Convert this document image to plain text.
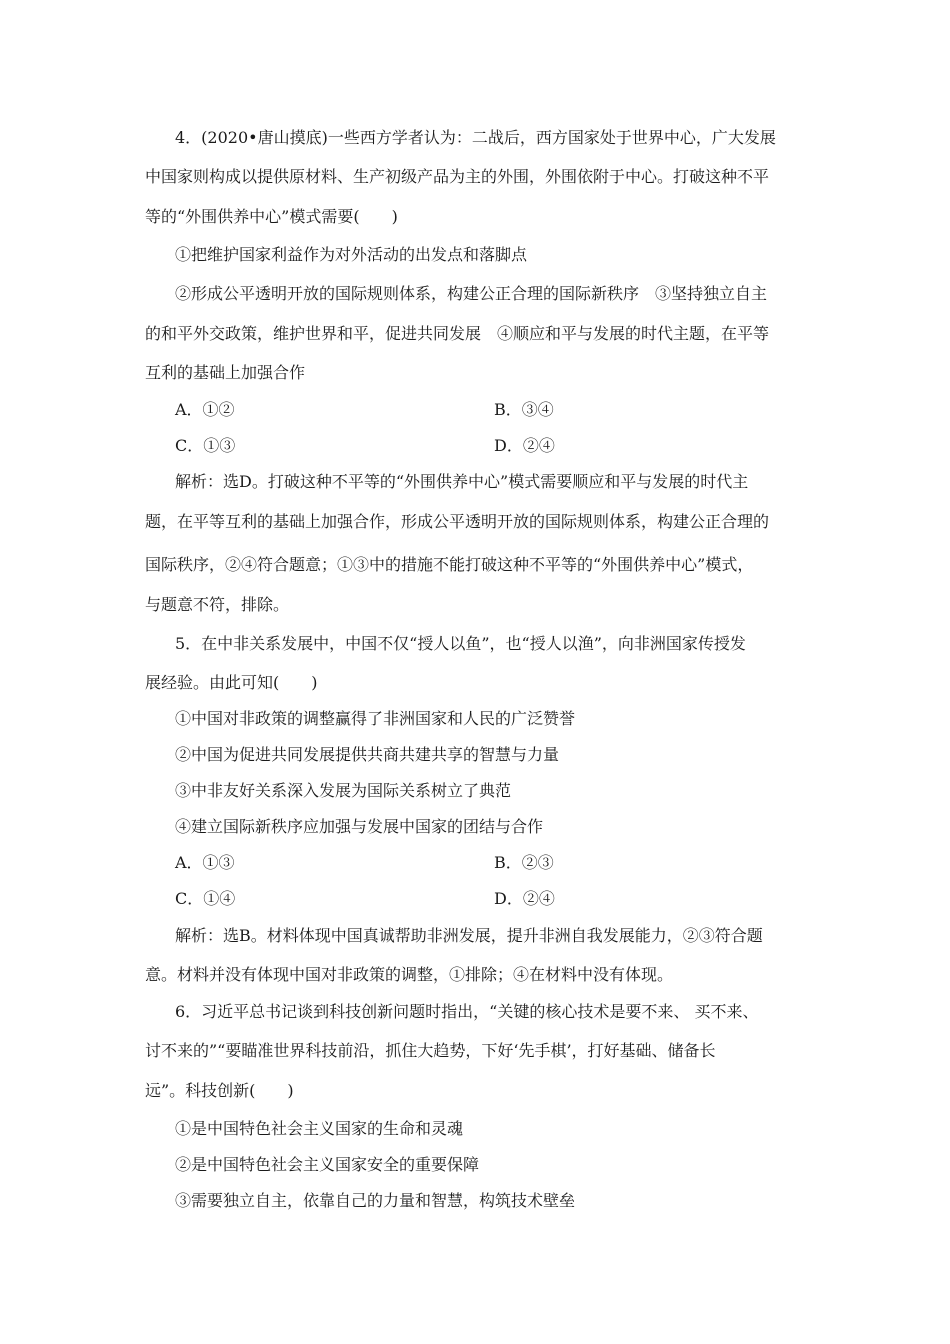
4．(2020•唐山摸底)一些西方学者认为：二战后，西方国家处于世界中心，广大发展
中国家则构成以提供原材料、生产初级产品为主的外围，外围依附于中心。打破这种不平
等的“外围供养中心”模式需要(　　)
①把维护国家利益作为对外活动的出发点和落脚点
②形成公平透明开放的国际规则体系，构建公正合理的国际新秩序　③坚持独立自主
的和平外交政策，维护世界和平，促进共同发展　④顺应和平与发展的时代主题，在平等
互利的基础上加强合作
A．①②	B．③④
C．①③	D．②④
解析：选D。打破这种不平等的“外围供养中心”模式需要顺应和平与发展的时代主
题，在平等互利的基础上加强合作，形成公平透明开放的国际规则体系，构建公正合理的
国际秩序，②④符合题意；①③中的措施不能打破这种不平等的“外围供养中心”模式，
与题意不符，排除。
5．在中非关系发展中，中国不仅“授人以鱼”，也“授人以渔”，向非洲国家传授发
展经验。由此可知(　　)
①中国对非政策的调整赢得了非洲国家和人民的广泛赞誉
②中国为促进共同发展提供共商共建共享的智慧与力量
③中非友好关系深入发展为国际关系树立了典范
④建立国际新秩序应加强与发展中国家的团结与合作
A．①③	B．②③
C．①④	D．②④
解析：选B。材料体现中国真诚帮助非洲发展，提升非洲自我发展能力，②③符合题
意。材料并没有体现中国对非政策的调整，①排除；④在材料中没有体现。
6．习近平总书记谈到科技创新问题时指出，“关键的核心技术是要不来、 买不来、
讨不来的”“要瞄准世界科技前沿，抓住大趋势，下好‘先手棋’，打好基础、储备长
远”。科技创新(　　)
①是中国特色社会主义国家的生命和灵魂
②是中国特色社会主义国家安全的重要保障
③需要独立自主，依靠自己的力量和智慧，构筑技术壁垒
